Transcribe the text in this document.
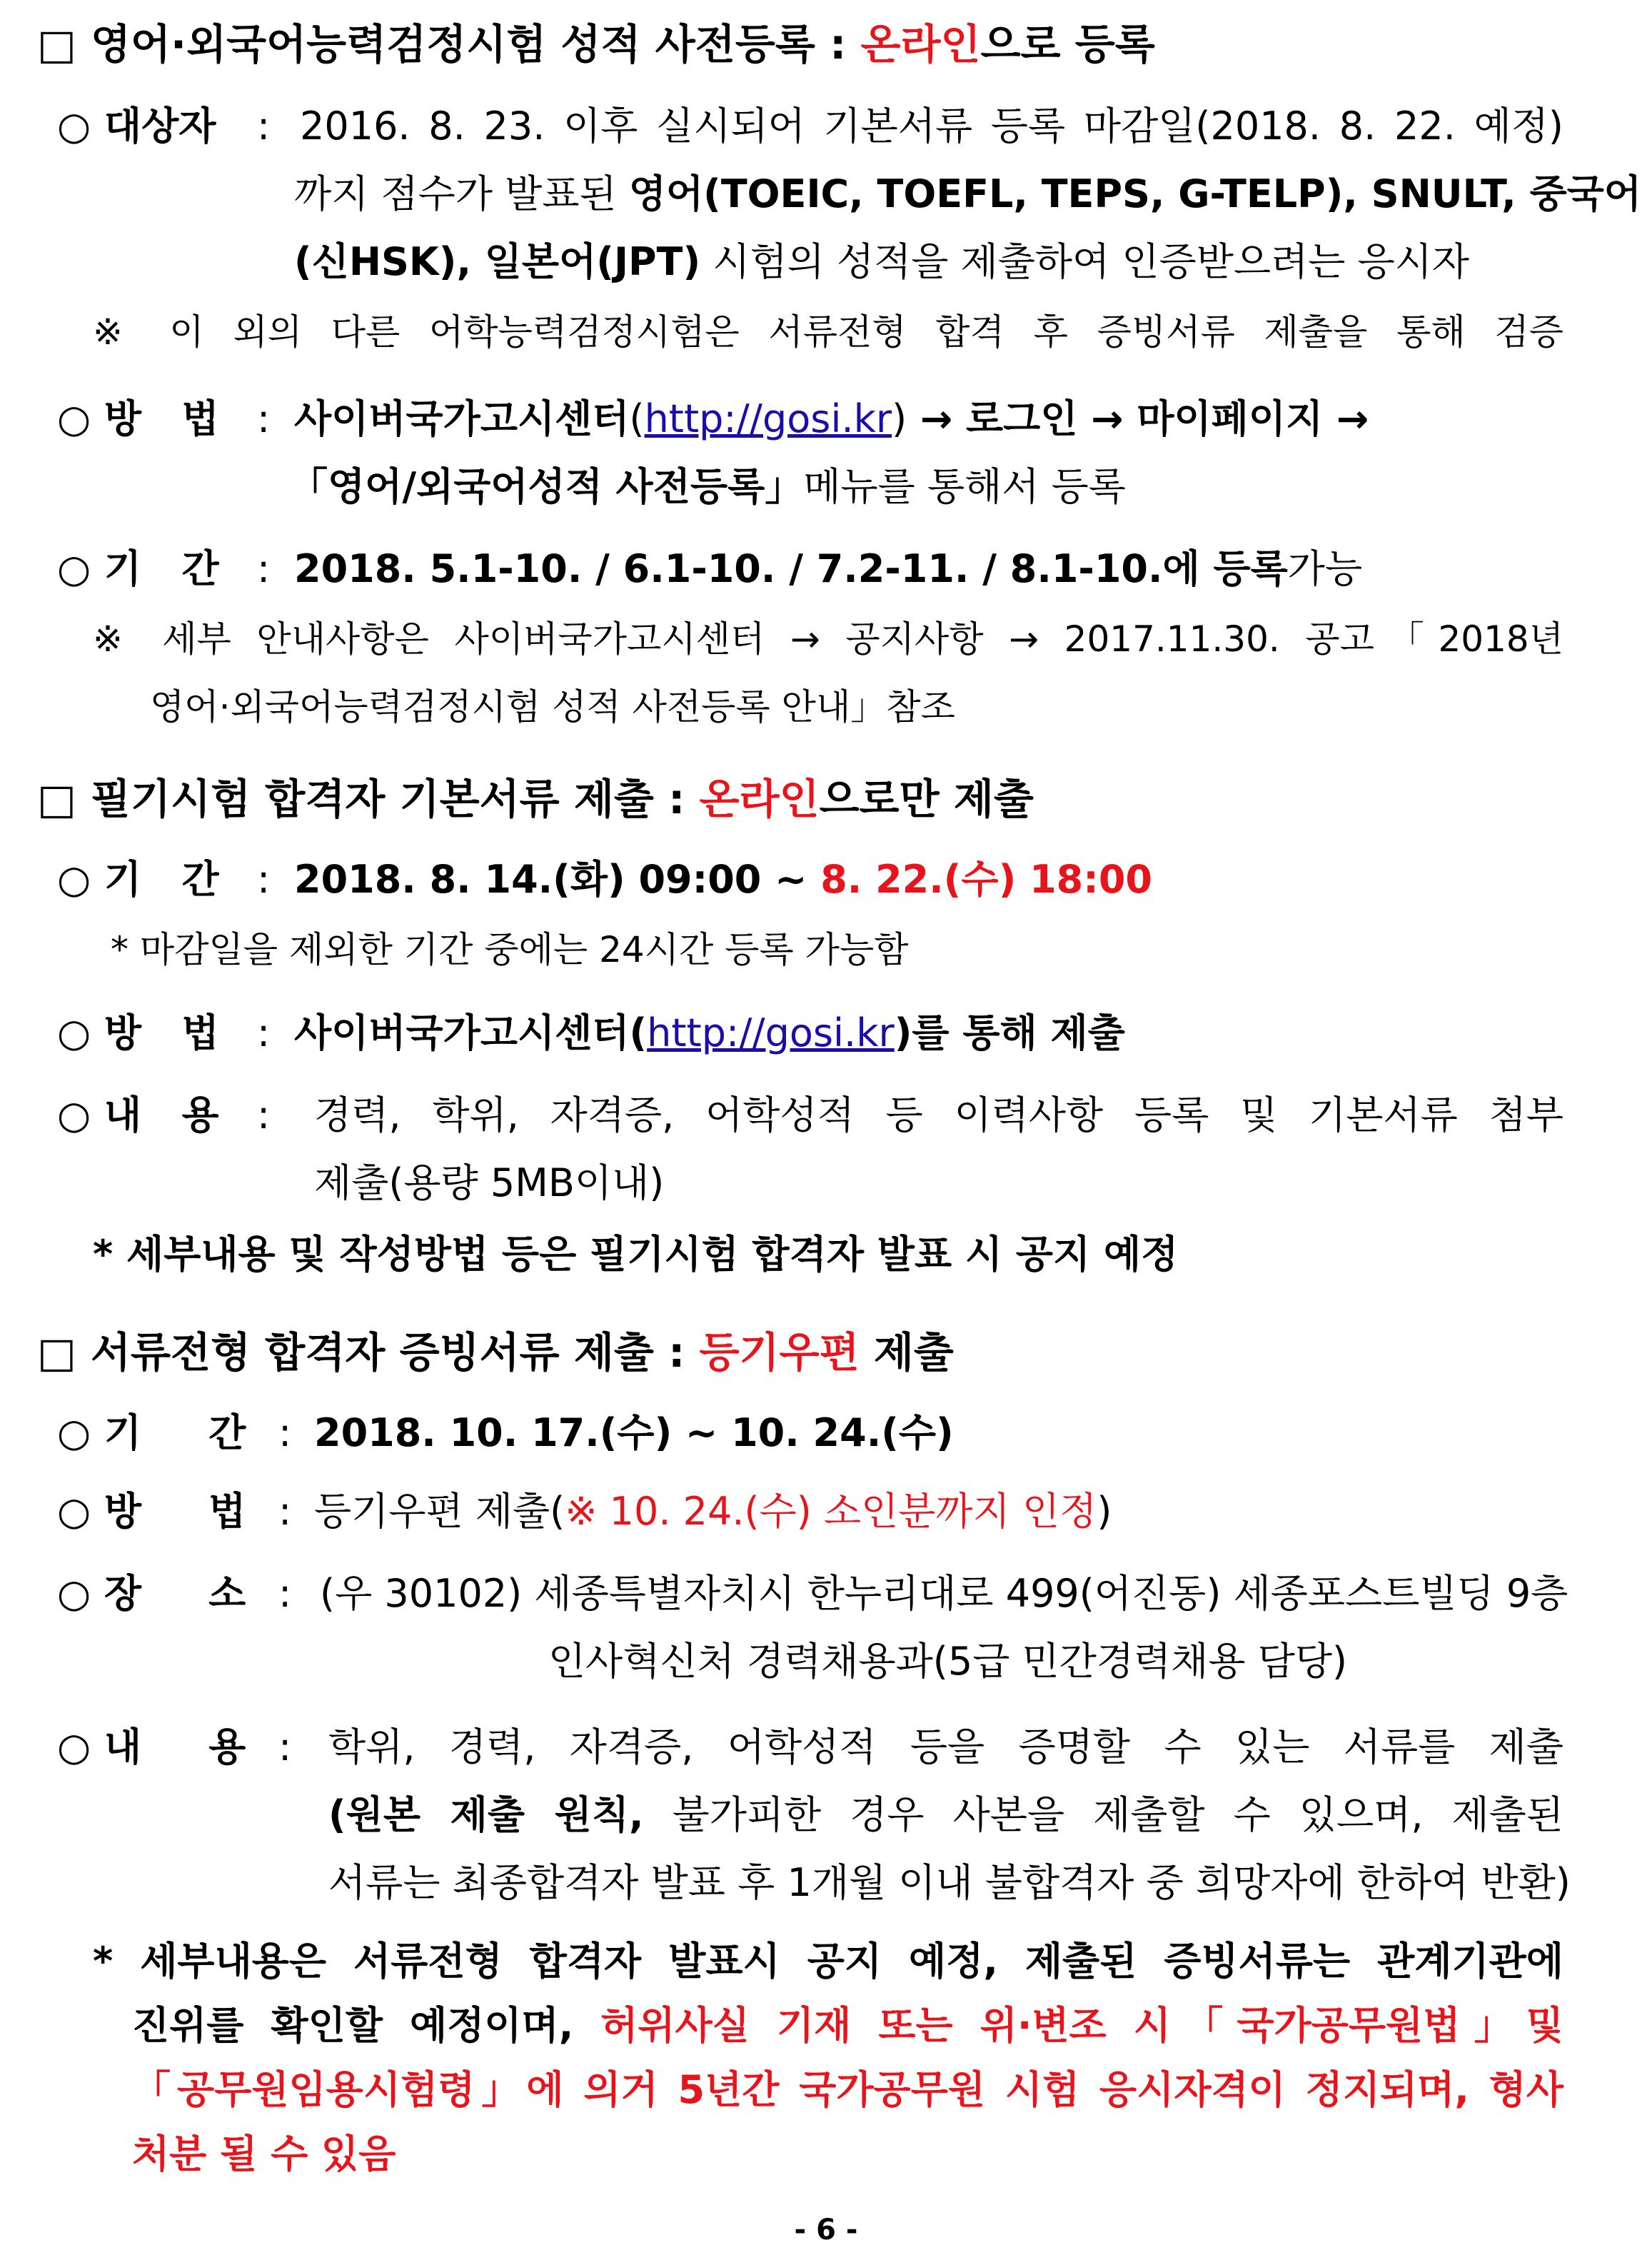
□ 영어·외국어능력검정시험 성적 사전등록 : 온라인으로 등록
○ 대상자 : 2016. 8. 23. 이후 실시되어 기본서류 등록 마감일(2018. 8. 22. 예정)
까지 점수가 발표된 영어(TOEIC, TOEFL, TEPS, G-TELP), SNULT, 중국어
(신HSK), 일본어(JPT) 시험의 성적을 제출하여 인증받으려는 응시자
※ 이 외의 다른 어학능력검정시험은 서류전형 합격 후 증빙서류 제출을 통해 검증
○ 방   법 : 사이버국가고시센터(http://gosi.kr) → 로그인 → 마이페이지 →
「영어/외국어성적 사전등록」메뉴를 통해서 등록
○ 기   간 : 2018. 5.1-10. / 6.1-10. / 7.2-11. / 8.1-10.에 등록가능
※ 세부 안내사항은 사이버국가고시센터 → 공지사항 → 2017.11.30. 공고「2018년
영어·외국어능력검정시험 성적 사전등록 안내」참조
□ 필기시험 합격자 기본서류 제출 : 온라인으로만 제출
○ 기   간 : 2018. 8. 14.(화) 09:00 ~ 8. 22.(수) 18:00
* 마감일을 제외한 기간 중에는 24시간 등록 가능함
○ 방   법 : 사이버국가고시센터(http://gosi.kr)를 통해 제출
○ 내   용 : 경력, 학위, 자격증, 어학성적 등 이력사항 등록 및 기본서류 첨부
제출(용량 5MB이내)
* 세부내용 및 작성방법 등은 필기시험 합격자 발표 시 공지 예정
□ 서류전형 합격자 증빙서류 제출 : 등기우편 제출
○ 기     간 : 2018. 10. 17.(수) ~ 10. 24.(수)
○ 방     법 : 등기우편 제출(※ 10. 24.(수) 소인분까지 인정)
○ 장     소 : (우 30102) 세종특별자치시 한누리대로 499(어진동) 세종포스트빌딩 9층
인사혁신처 경력채용과(5급 민간경력채용 담당)
○ 내     용 : 학위, 경력, 자격증, 어학성적 등을 증명할 수 있는 서류를 제출
(원본 제출 원칙, 불가피한 경우 사본을 제출할 수 있으며, 제출된
서류는 최종합격자 발표 후 1개월 이내 불합격자 중 희망자에 한하여 반환)
* 세부내용은 서류전형 합격자 발표시 공지 예정, 제출된 증빙서류는 관계기관에
진위를 확인할 예정이며, 허위사실 기재 또는 위·변조 시「국가공무원법」및
「공무원임용시험령」에 의거 5년간 국가공무원 시험 응시자격이 정지되며, 형사
처분 될 수 있음
- 6 -
